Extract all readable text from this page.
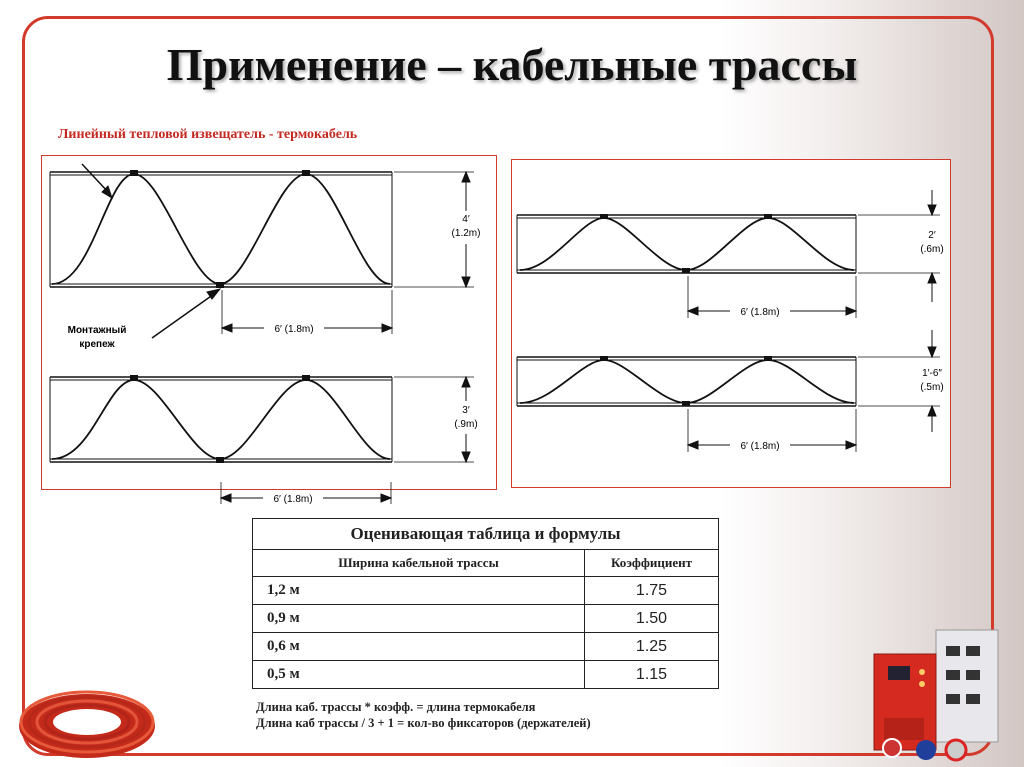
Применение – кабельные трассы
Линейный тепловой извещатель - термокабель
Монтажный
крепеж
4′
(1.2m)
6′ (1.8m)
3′
(.9m)
6′ (1.8m)
2′
(.6m)
6′ (1.8m)
1′-6″
(.5m)
6′ (1.8m)
Оценивающая таблица и формулы	
Ширина кабельной трассы	Коэффициент
1,2 м	1.75
0,9 м	1.50
0,6 м	1.25
0,5 м	1.15
Длина каб. трассы * коэфф. = длина термокабеля
Длина каб трассы / 3 + 1 = кол-во фиксаторов (держателей)
